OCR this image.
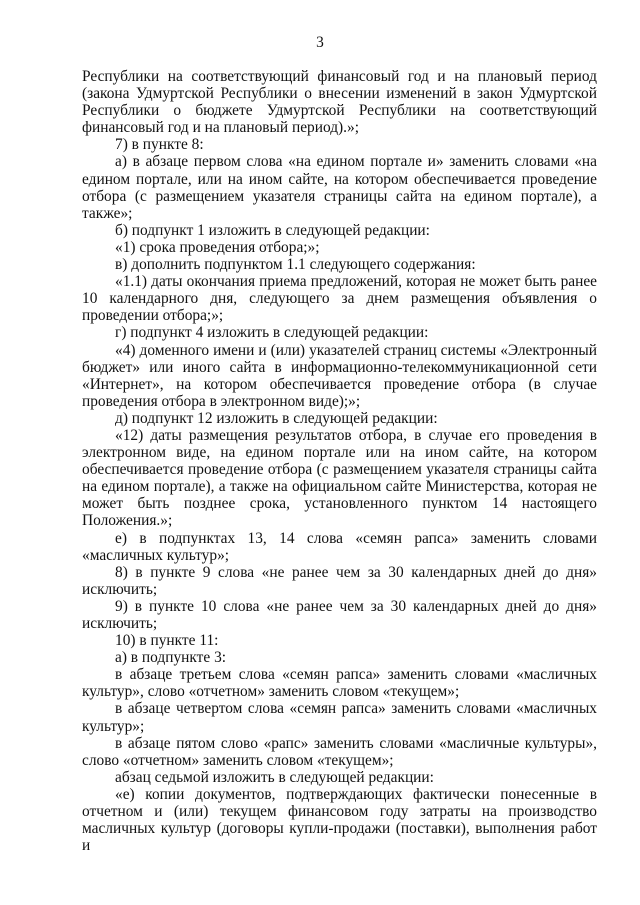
3

Республики на соответствующий финансовый год и на плановый период

(закона Удмуртской Республики о внесении изменений в закон Удмуртской

Республики о бюджете Удмуртской Республики на соответствующий

финансовый год и на плановый период).»;

7) в пункте 8:

а) в абзаце первом слова «на едином портале и» заменить словами «на

едином портале, или на ином сайте, на котором обеспечивается проведение

отбора (с размещением указателя страницы сайта на едином портале), а также»;

б) подпункт 1 изложить в следующей редакции:

«1) срока проведения отбора;»;

в) дополнить подпунктом 1.1 следующего содержания:

«1.1) даты окончания приема предложений, которая не может быть ранее

10 календарного дня, следующего за днем размещения объявления о

проведении отбора;»;

г) подпункт 4 изложить в следующей редакции:

«4) доменного имени и (или) указателей страниц системы «Электронный

бюджет» или иного сайта в информационно-телекоммуникационной сети

«Интернет», на котором обеспечивается проведение отбора (в случае

проведения отбора в электронном виде);»;

д) подпункт 12 изложить в следующей редакции:

«12) даты размещения результатов отбора, в случае его проведения в

электронном виде, на едином портале или на ином сайте, на котором

обеспечивается проведение отбора (с размещением указателя страницы сайта

на едином портале), а также на официальном сайте Министерства, которая не

может быть позднее срока, установленного пунктом 14 настоящего

Положения.»;

е) в подпунктах 13, 14 слова «семян рапса» заменить словами

«масличных культур»;

8) в пункте 9 слова «не ранее чем за 30 календарных дней до дня»

исключить;

9) в пункте 10 слова «не ранее чем за 30 календарных дней до дня»

исключить;

10) в пункте 11:

а) в подпункте 3:

в абзаце третьем слова «семян рапса» заменить словами «масличных

культур», слово «отчетном» заменить словом «текущем»;

в абзаце четвертом слова «семян рапса» заменить словами «масличных

культур»;

в абзаце пятом слово «рапс» заменить словами «масличные культуры»,

слово «отчетном» заменить словом «текущем»;

абзац седьмой изложить в следующей редакции:

«е) копии документов, подтверждающих фактически понесенные в

отчетном и (или) текущем финансовом году затраты на производство

масличных культур (договоры купли-продажи (поставки), выполнения работ и
